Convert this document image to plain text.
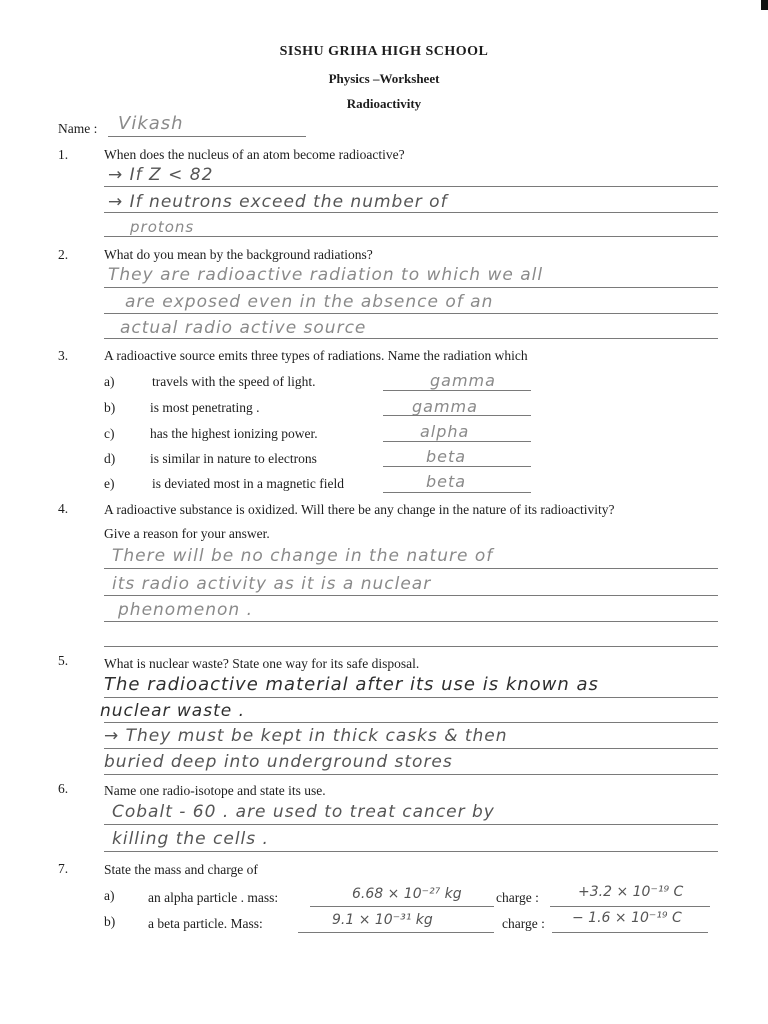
SISHU GRIHA HIGH SCHOOL
Physics –Worksheet
Radioactivity
Name : Vikash
1.	When does the nucleus of an atom become radioactive?
→ If Z < 82
→ If neutrons exceed the number of
protons
2.	What do you mean by the background radiations?
They are radioactive radiation to which we all
are exposed even in the absence of an
actual radio active source
3.	A radioactive source emits three types of radiations. Name the radiation which
a)	travels with the speed of light.	gamma
b)	is most penetrating .	gamma
c)	has the highest ionizing power.	alpha
d)	is similar in nature to electrons	beta
e)	is deviated most in a magnetic field	beta
4.	A radioactive substance is oxidized. Will there be any change in the nature of its radioactivity?
Give a reason for your answer.
There will be no change in the nature of
its radio activity as it is a nuclear
phenomenon .
5.	What is nuclear waste? State one way for its safe disposal.
The radioactive material after its use is known as
nuclear waste .
→ They must be kept in thick casks & then
buried deep into underground stores
6.	Name one radio-isotope and state its use.
Cobalt - 60 . are used to treat cancer by
killing the cells .
7.	State the mass and charge of
a) an alpha particle . mass:	6.68 × 10⁻²⁷ kg	charge :	+3.2 × 10⁻¹⁹ C
b) a beta particle. Mass:	9.1 × 10⁻³¹ kg	charge : − 1.6 × 10⁻¹⁹ C
